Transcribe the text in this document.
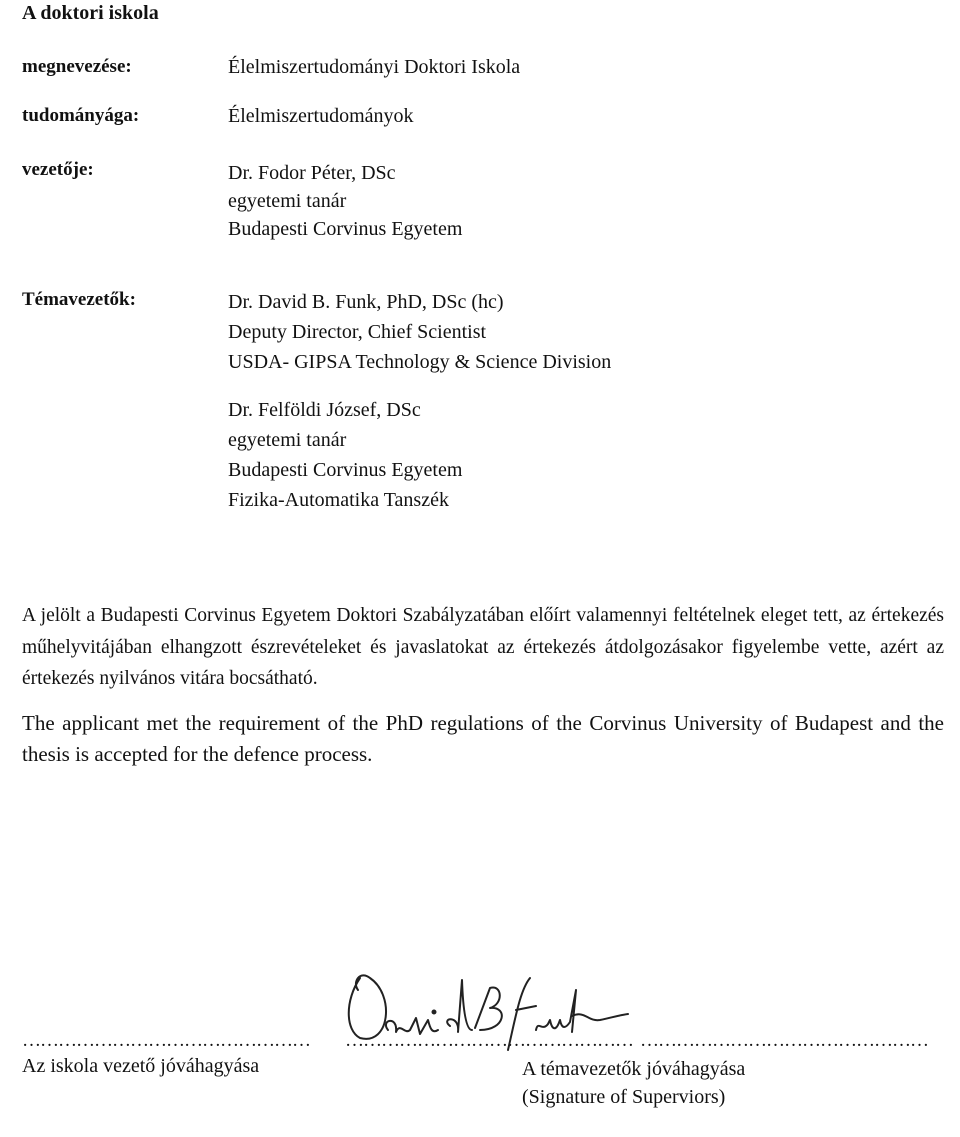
A doktori iskola
megnevezése:	Élelmiszertudományi Doktori Iskola
tudományága:	Élelmiszertudományok
vezetője:	Dr. Fodor Péter, DSc
egyetemi tanár
Budapesti Corvinus Egyetem
Témavezetők:	Dr. David B. Funk, PhD, DSc (hc)
Deputy Director, Chief Scientist
USDA- GIPSA Technology & Science Division
Dr. Felföldi József, DSc
egyetemi tanár
Budapesti Corvinus Egyetem
Fizika-Automatika Tanszék
A jelölt a Budapesti Corvinus Egyetem Doktori Szabályzatában előírt valamennyi feltételnek eleget tett, az értekezés műhelyvitájában elhangzott észrevételeket és javaslatokat az értekezés átdolgozásakor figyelembe vette, azért az értekezés nyilvános vitára bocsátható.
The applicant met the requirement of the PhD regulations of the Corvinus University of Budapest and the thesis is accepted for the defence process.
…………………………………………
Az iskola vezető jóváhagyása
………………………………………… …………………………………………
A témavezetők jóváhagyása
(Signature of Superviors)
